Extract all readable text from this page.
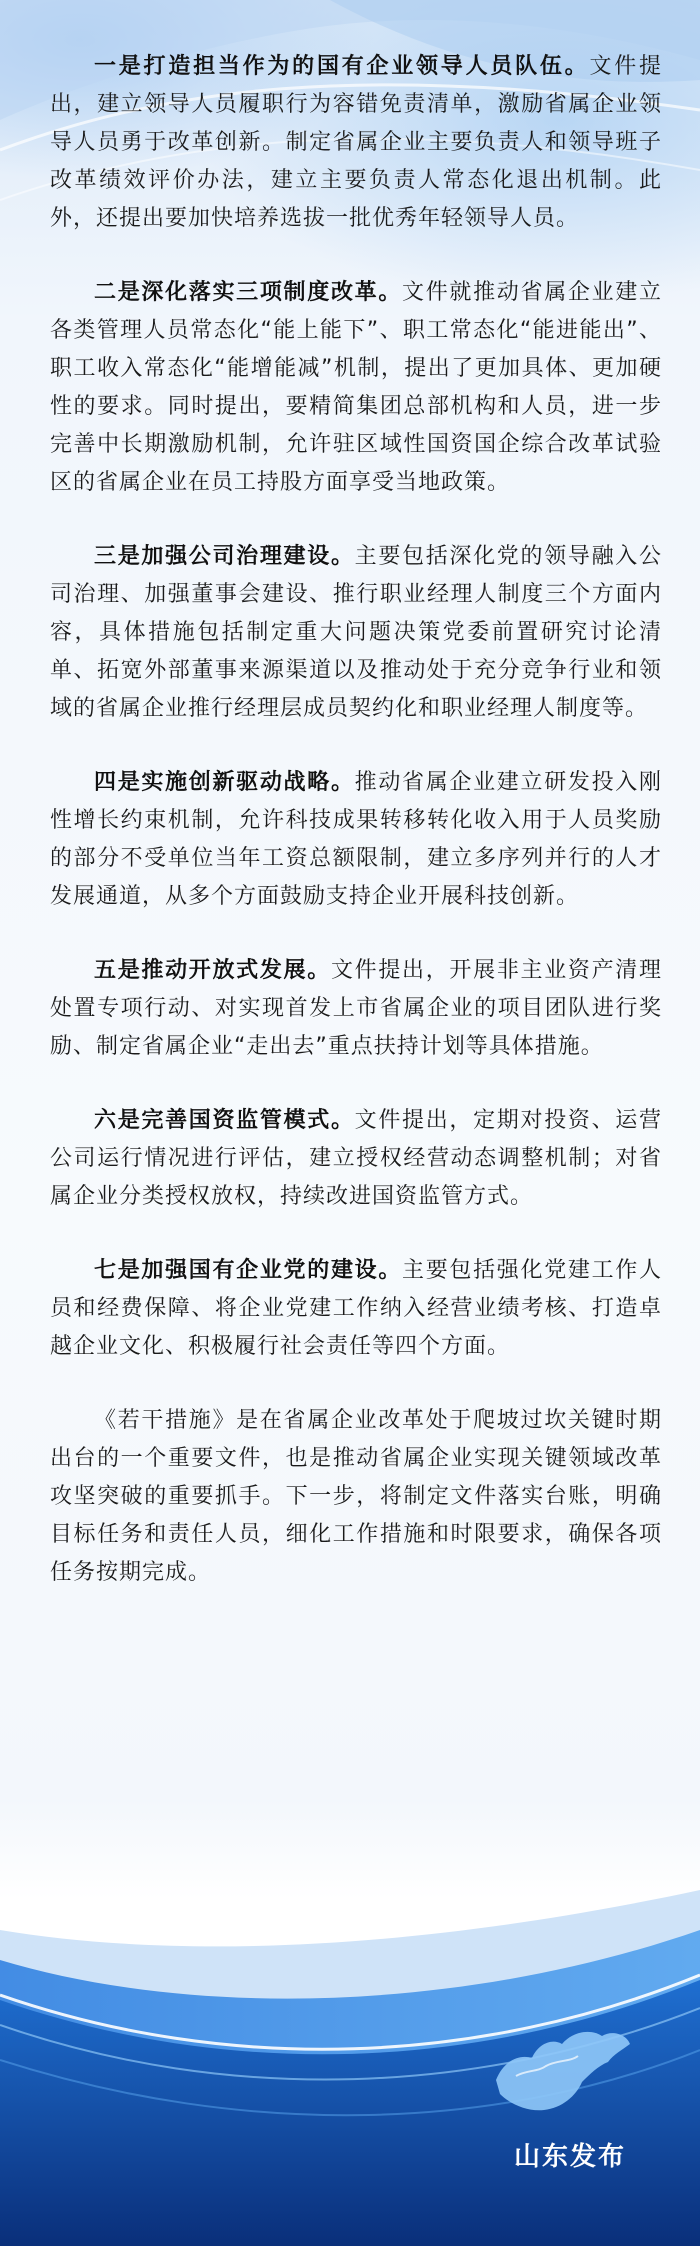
一是打造担当作为的国有企业领导人员队伍。文件提出，建立领导人员履职行为容错免责清单，激励省属企业领导人员勇于改革创新。制定省属企业主要负责人和领导班子改革绩效评价办法，建立主要负责人常态化退出机制。此外，还提出要加快培养选拔一批优秀年轻领导人员。

二是深化落实三项制度改革。文件就推动省属企业建立各类管理人员常态化“能上能下”、职工常态化“能进能出”、职工收入常态化“能增能减”机制，提出了更加具体、更加硬性的要求。同时提出，要精简集团总部机构和人员，进一步完善中长期激励机制，允许驻区域性国资国企综合改革试验区的省属企业在员工持股方面享受当地政策。

三是加强公司治理建设。主要包括深化党的领导融入公司治理、加强董事会建设、推行职业经理人制度三个方面内容，具体措施包括制定重大问题决策党委前置研究讨论清单、拓宽外部董事来源渠道以及推动处于充分竞争行业和领域的省属企业推行经理层成员契约化和职业经理人制度等。

四是实施创新驱动战略。推动省属企业建立研发投入刚性增长约束机制，允许科技成果转移转化收入用于人员奖励的部分不受单位当年工资总额限制，建立多序列并行的人才发展通道，从多个方面鼓励支持企业开展科技创新。

五是推动开放式发展。文件提出，开展非主业资产清理处置专项行动、对实现首发上市省属企业的项目团队进行奖励、制定省属企业“走出去”重点扶持计划等具体措施。

六是完善国资监管模式。文件提出，定期对投资、运营公司运行情况进行评估，建立授权经营动态调整机制；对省属企业分类授权放权，持续改进国资监管方式。

七是加强国有企业党的建设。主要包括强化党建工作人员和经费保障、将企业党建工作纳入经营业绩考核、打造卓越企业文化、积极履行社会责任等四个方面。

《若干措施》是在省属企业改革处于爬坡过坎关键时期出台的一个重要文件，也是推动省属企业实现关键领域改革攻坚突破的重要抓手。下一步，将制定文件落实台账，明确目标任务和责任人员，细化工作措施和时限要求，确保各项任务按期完成。

山东发布
